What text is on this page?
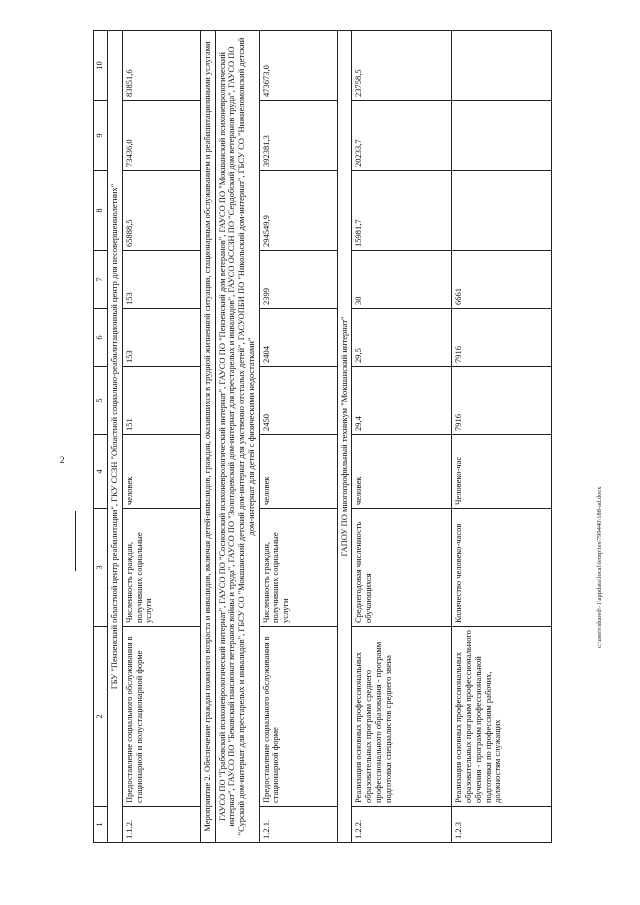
2
c:\users\shared\-1\appdata\local\temp\tes\799440\188-ad.docx
1	2	3	4	5	6	7	8	9	10
ГБУ "Пензенский областной центр реабилитации", ГКУ ССЗН "Областной социально-реабилитационный центр для несовершеннолетних"									
1.1.2.	Предоставление социального обслуживания в стационарной и полустационарной форме	Численность граждан, получивших социальные услуги	человек	151	153	153	65888,5	73436,0	83851,6
Мероприятие 2. Обеспечение граждан пожилого возраста и инвалидов, включая детей-инвалидов, граждан, оказавшихся в трудной жизненной ситуации, стационарным обслуживанием и реабилитационными услугами									
ГАУСО ПО "Грабовский психоневрологический интернат", ГАУСО ПО "Сосновский психоневрологический интернат", ГАУСО ПО "Пензенский дом ветеранов", ГАУСО ПО "Мокшанский психоневрологический интернат", ГАУСО ПО "Бековский пансионат ветеранов войны и труда", ГАУСО ПО "Золотаревский дом-интернат для престарелых и инвалидов", ГАУСО ОССЗН ПО "Сердобский дом ветеранов труда", ГАУСО ПО "Сурский дом-интернат для престарелых и инвалидов", ГБСУ СО "Мокшанский детский дом-интернат для умственно отсталых детей", ГАСУОПБИ ПО "Никольский дом-интернат", ГБСУ СО "Нижнеломовский детский дом-интернат для детей с физическими недостатками"									
1.2.1.	Предоставление социального обслуживания в стационарной форме	Численность граждан, получивших социальные услуги	человек	2450	2404	2399	294549,9	392381,3	473673,0
ГАПОУ ПО многопрофильный техникум "Мокшанский интернат"									
1.2.2.	Реализация основных профессиональных образовательных программ среднего профессионального образования - программ подготовки специалистов среднего звена	Среднегодовая численность обучающихся	человек	29,4	29,5	30	15981,7	20233,7	23758,5
1.2.3	Реализация основных профессиональных образовательных программ профессионального обучения - программ профессиональной подготовки по профессиям рабочих, должностям служащих	Количество человеко-часов	Человеко-час	7916	7916	6661			
